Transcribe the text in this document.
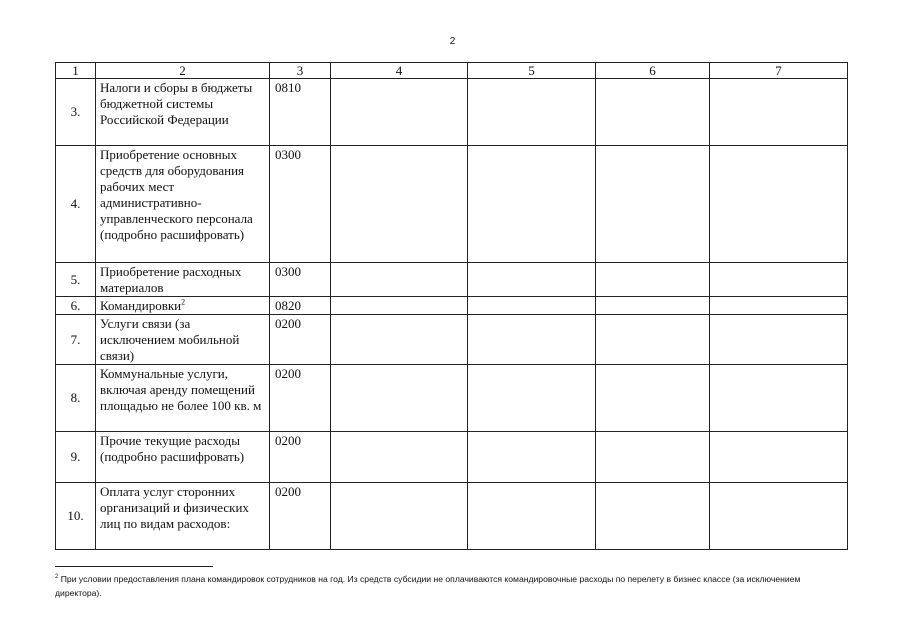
2
1	2	3	4	5	6	7
3.	Налоги и сборы в бюджеты бюджетной системы Российской Федерации	0810				
4.	Приобретение основных средств для оборудования рабочих мест административно-управленческого персонала (подробно расшифровать)	0300				
5.	Приобретение расходных материалов	0300				
6.	Командировки$^2$	0820				
7.	Услуги связи (за исключением мобильной связи)	0200				
8.	Коммунальные услуги, включая аренду помещений площадью не более 100 кв. м	0200				
9.	Прочие текущие расходы (подробно расшифровать)	0200				
10.	Оплата услуг сторонних организаций и физических лиц по видам расходов:	0200				
$^2$ При условии предоставления плана командировок сотрудников на год. Из средств субсидии не оплачиваются командировочные расходы по перелету в бизнес классе (за исключением директора).
